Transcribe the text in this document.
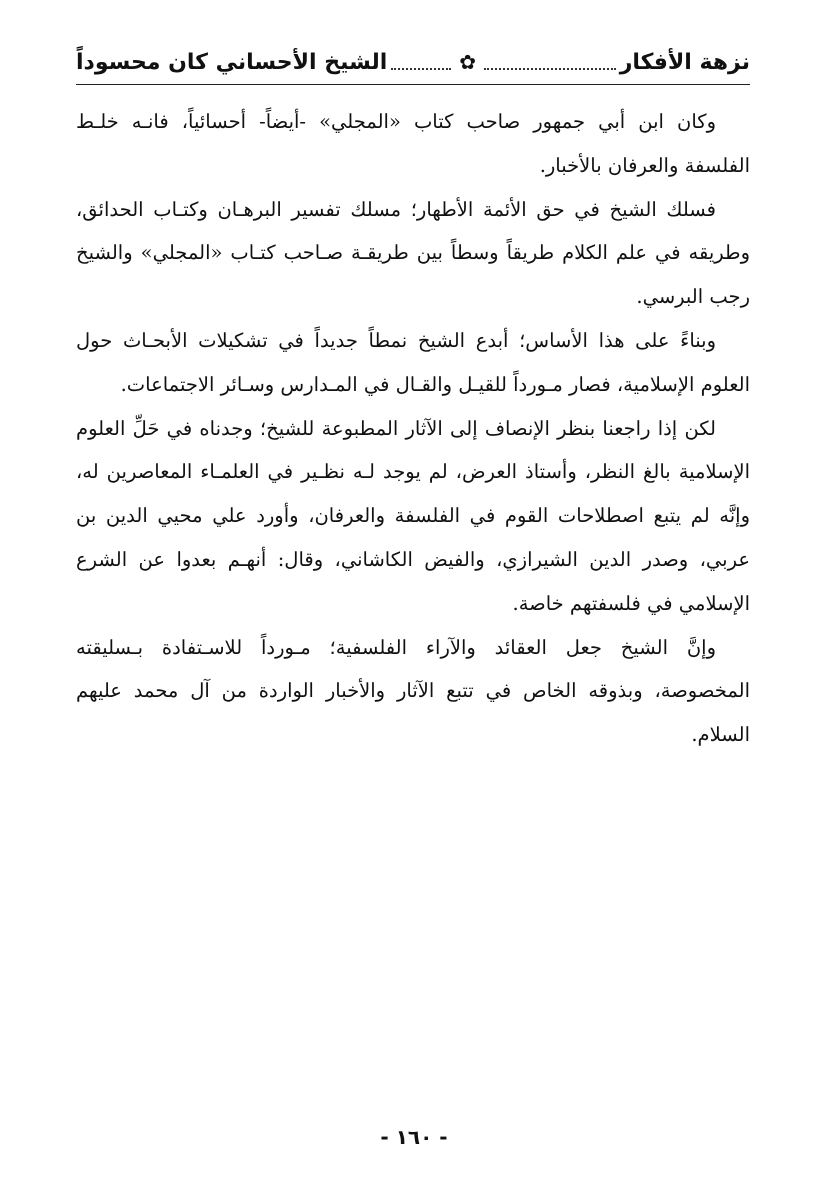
نزهة الأفكار
✿
الشيخ الأحساني كان محسوداً

وكان ابن أبي جمهور صاحب كتاب «المجلي» -أيضاً- أحسائياً، فانـه خلـط الفلسفة والعرفان بالأخبار.

فسلك الشيخ في حق الأئمة الأطهار؛ مسلك تفسير البرهـان وكتـاب الحدائق، وطريقه في علم الكلام طريقاً وسطاً بين طريقـة صـاحب كتـاب «المجلي» والشيخ رجب البرسي.

وبناءً على هذا الأساس؛ أبدع الشيخ نمطاً جديداً في تشكيلات الأبحـاث حول العلوم الإسلامية، فصار مـورداً للقيـل والقـال في المـدارس وسـائر الاجتماعات.

لكن إذا راجعنا بنظر الإنصاف إلى الآثار المطبوعة للشيخ؛ وجدناه في حَلِّ العلوم الإسلامية بالغ النظر، وأستاذ العرض، لم يوجد لـه نظـير في العلمـاء المعاصرين له، وإنَّه لم يتبع اصطلاحات القوم في الفلسفة والعرفان، وأورد علي محيي الدين بن عربي، وصدر الدين الشيرازي، والفيض الكاشاني، وقال: أنهـم بعدوا عن الشرع الإسلامي في فلسفتهم خاصة.

وإنَّ الشيخ جعل العقائد والآراء الفلسفية؛ مـورداً للاسـتفادة بـسليقته المخصوصة، وبذوقه الخاص في تتبع الآثار والأخبار الواردة من آل محمد عليهم السلام.

- ١٦٠ -
